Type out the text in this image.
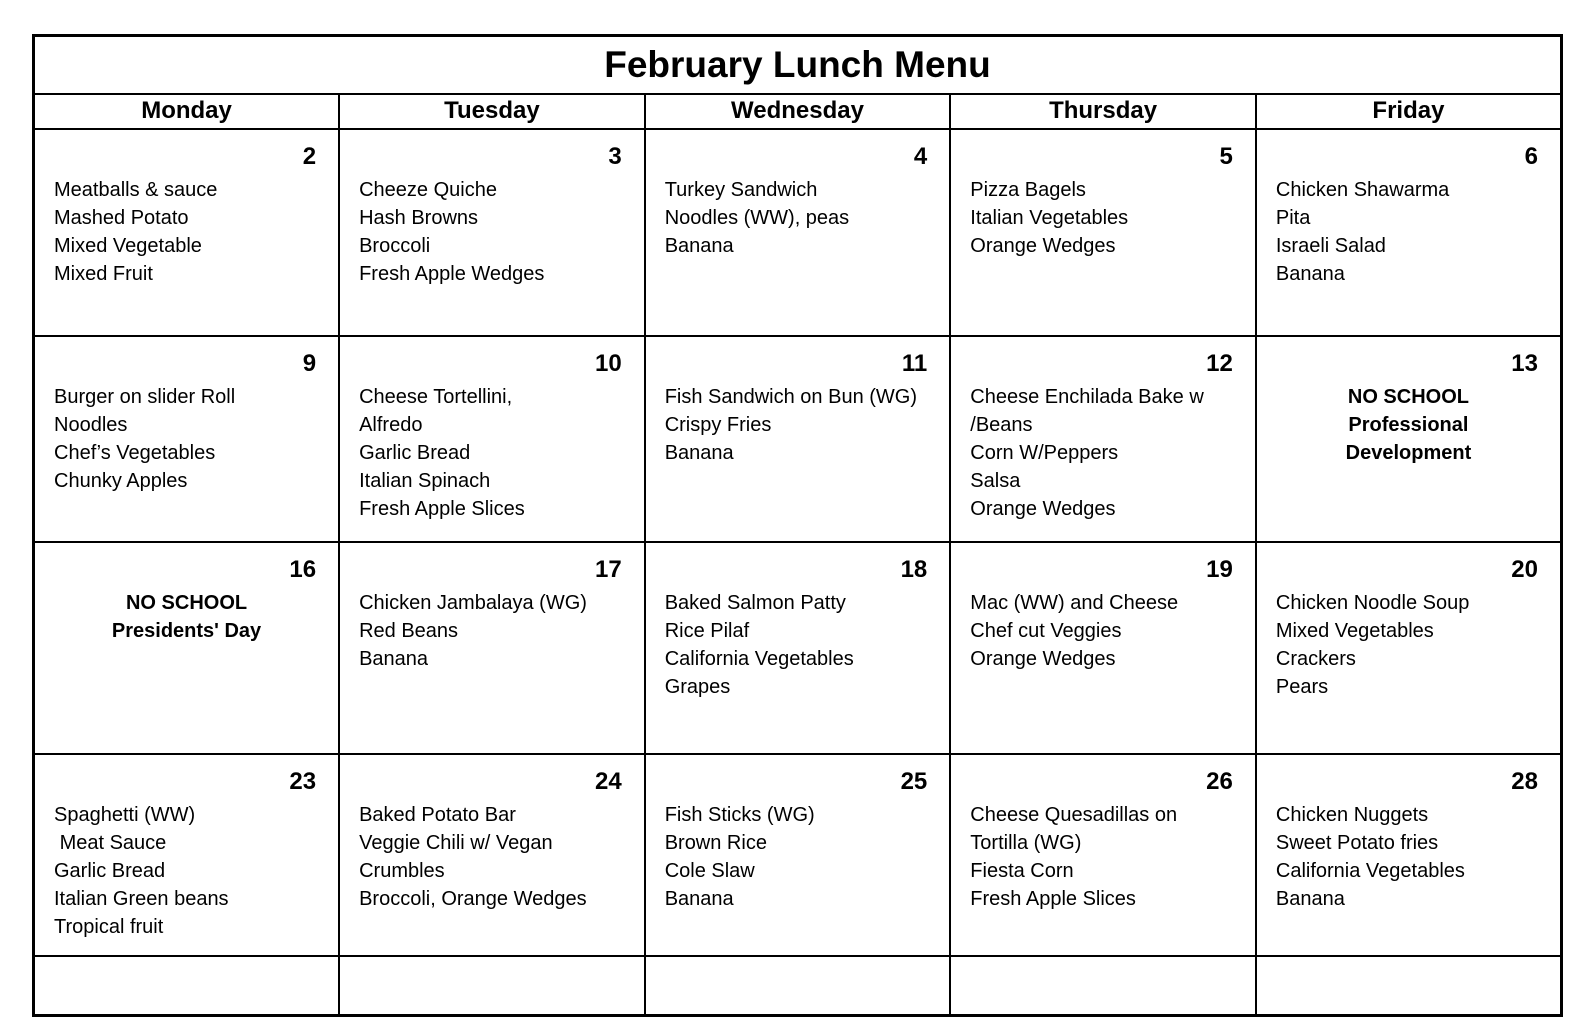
February Lunch Menu				
Monday	Tuesday	Wednesday	Thursday	Friday

2
Meatballs & sauce
Mashed Potato
Mixed Vegetable
Mixed Fruit

3
Cheeze Quiche
Hash Browns
Broccoli
Fresh Apple Wedges

4
Turkey Sandwich
Noodles (WW), peas
Banana

5
Pizza Bagels
Italian Vegetables
Orange Wedges

6
Chicken Shawarma
Pita
Israeli Salad
Banana

9
Burger on slider Roll
Noodles
Chef’s Vegetables
Chunky Apples

10
Cheese Tortellini,
Alfredo
Garlic Bread
Italian Spinach
Fresh Apple Slices

11
Fish Sandwich on Bun (WG)
Crispy Fries
Banana

12
Cheese Enchilada Bake w
/Beans
Corn W/Peppers
Salsa
Orange Wedges

13
NO SCHOOL
Professional
Development

16
NO SCHOOL
Presidents' Day

17
Chicken Jambalaya (WG)
Red Beans
Banana

18
Baked Salmon Patty
Rice Pilaf
California Vegetables
Grapes

19
Mac (WW) and Cheese
Chef cut Veggies
Orange Wedges

20
Chicken Noodle Soup
Mixed Vegetables
Crackers
Pears

23
Spaghetti (WW)
Meat Sauce
Garlic Bread
Italian Green beans
Tropical fruit

24
Baked Potato Bar
Veggie Chili w/ Vegan
Crumbles
Broccoli, Orange Wedges

25
Fish Sticks (WG)
Brown Rice
Cole Slaw
Banana

26
Cheese Quesadillas on
Tortilla (WG)
Fiesta Corn
Fresh Apple Slices

28
Chicken Nuggets
Sweet Potato fries
California Vegetables
Banana
